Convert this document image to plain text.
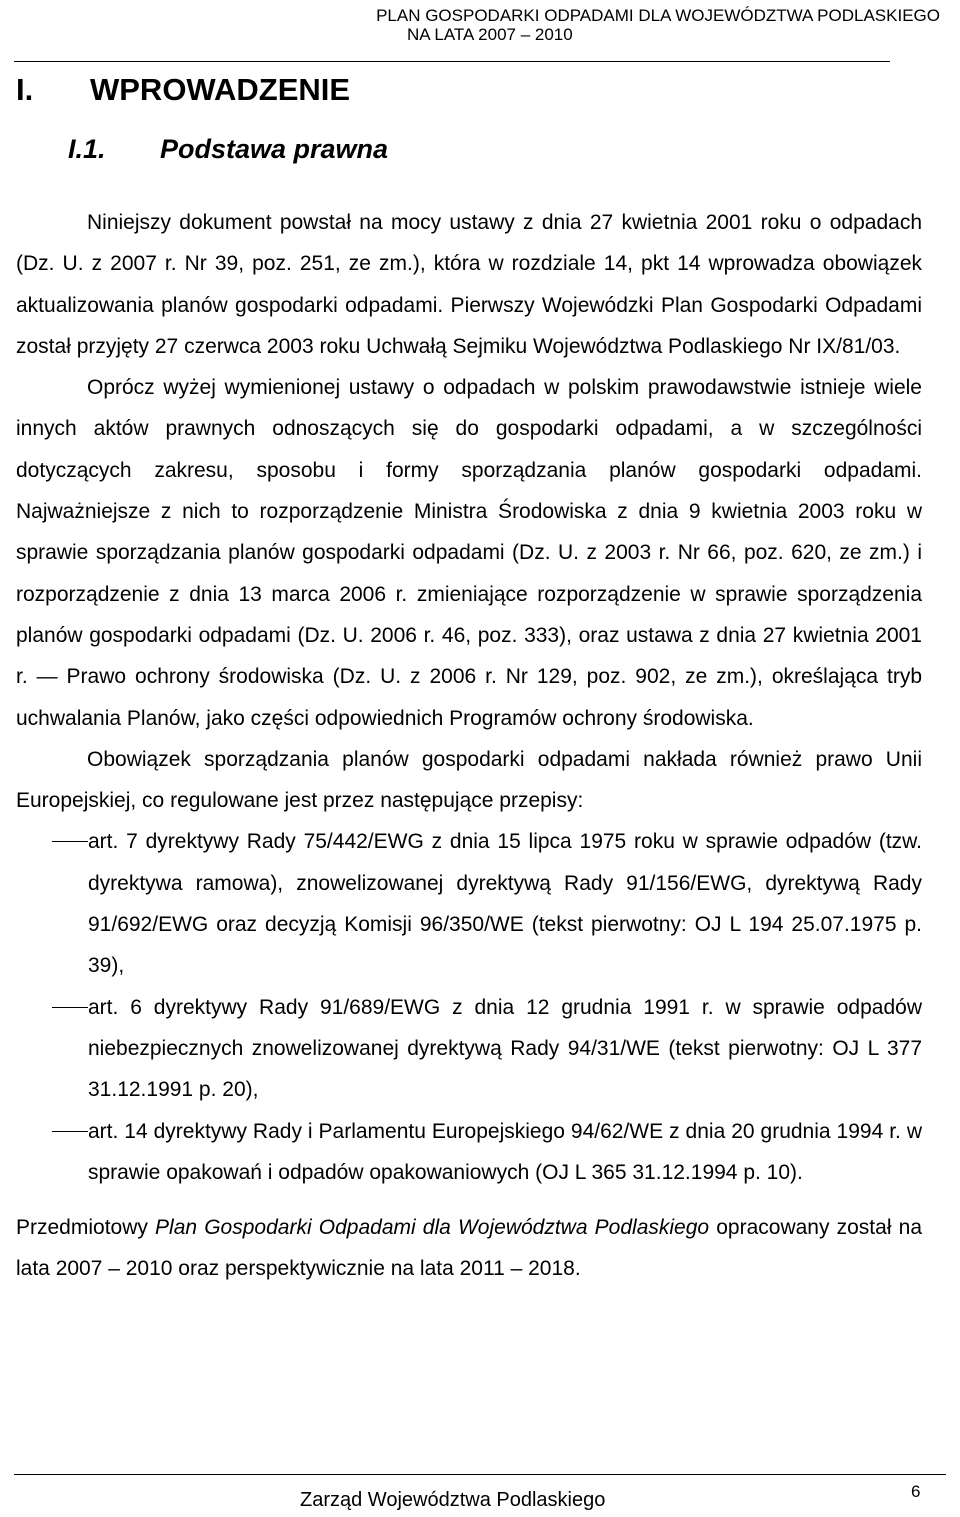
PLAN GOSPODARKI ODPADAMI DLA WOJEWÓDZTWA PODLASKIEGO
NA LATA 2007 – 2010
I. WPROWADZENIE
I.1. Podstawa prawna

Niniejszy dokument powstał na mocy ustawy z dnia 27 kwietnia 2001 roku o odpadach (Dz. U. z 2007 r. Nr 39, poz. 251, ze zm.), która w rozdziale 14, pkt 14 wprowadza obowiązek aktualizowania planów gospodarki odpadami. Pierwszy Wojewódzki Plan Gospodarki Odpadami został przyjęty 27 czerwca 2003 roku Uchwałą Sejmiku Województwa Podlaskiego Nr IX/81/03.

Oprócz wyżej wymienionej ustawy o odpadach w polskim prawodawstwie istnieje wiele innych aktów prawnych odnoszących się do gospodarki odpadami, a w szczególności dotyczących zakresu, sposobu i formy sporządzania planów gospodarki odpadami. Najważniejsze z nich to rozporządzenie Ministra Środowiska z dnia 9 kwietnia 2003 roku w sprawie sporządzania planów gospodarki odpadami (Dz. U. z 2003 r. Nr 66, poz. 620, ze zm.) i rozporządzenie z dnia 13 marca 2006 r. zmieniające rozporządzenie w sprawie sporządzenia planów gospodarki odpadami (Dz. U. 2006 r. 46, poz. 333), oraz ustawa z dnia 27 kwietnia 2001 r. ― Prawo ochrony środowiska (Dz. U. z 2006 r. Nr 129, poz. 902, ze zm.), określająca tryb uchwalania Planów, jako części odpowiednich Programów ochrony środowiska.

Obowiązek sporządzania planów gospodarki odpadami nakłada również prawo Unii Europejskiej, co regulowane jest przez następujące przepisy:

art. 7 dyrektywy Rady 75/442/EWG z dnia 15 lipca 1975 roku w sprawie odpadów (tzw. dyrektywa ramowa), znowelizowanej dyrektywą Rady 91/156/EWG, dyrektywą Rady 91/692/EWG oraz decyzją Komisji 96/350/WE (tekst pierwotny: OJ L 194 25.07.1975 p. 39),
art. 6 dyrektywy Rady 91/689/EWG z dnia 12 grudnia 1991 r. w sprawie odpadów niebezpiecznych znowelizowanej dyrektywą Rady 94/31/WE (tekst pierwotny: OJ L 377 31.12.1991 p. 20),
art. 14 dyrektywy Rady i Parlamentu Europejskiego 94/62/WE z dnia 20 grudnia 1994 r. w sprawie opakowań i odpadów opakowaniowych (OJ L 365 31.12.1994 p. 10).

Przedmiotowy Plan Gospodarki Odpadami dla Województwa Podlaskiego opracowany został na lata 2007 – 2010 oraz perspektywicznie na lata 2011 – 2018.

Zarząd Województwa Podlaskiego	6
